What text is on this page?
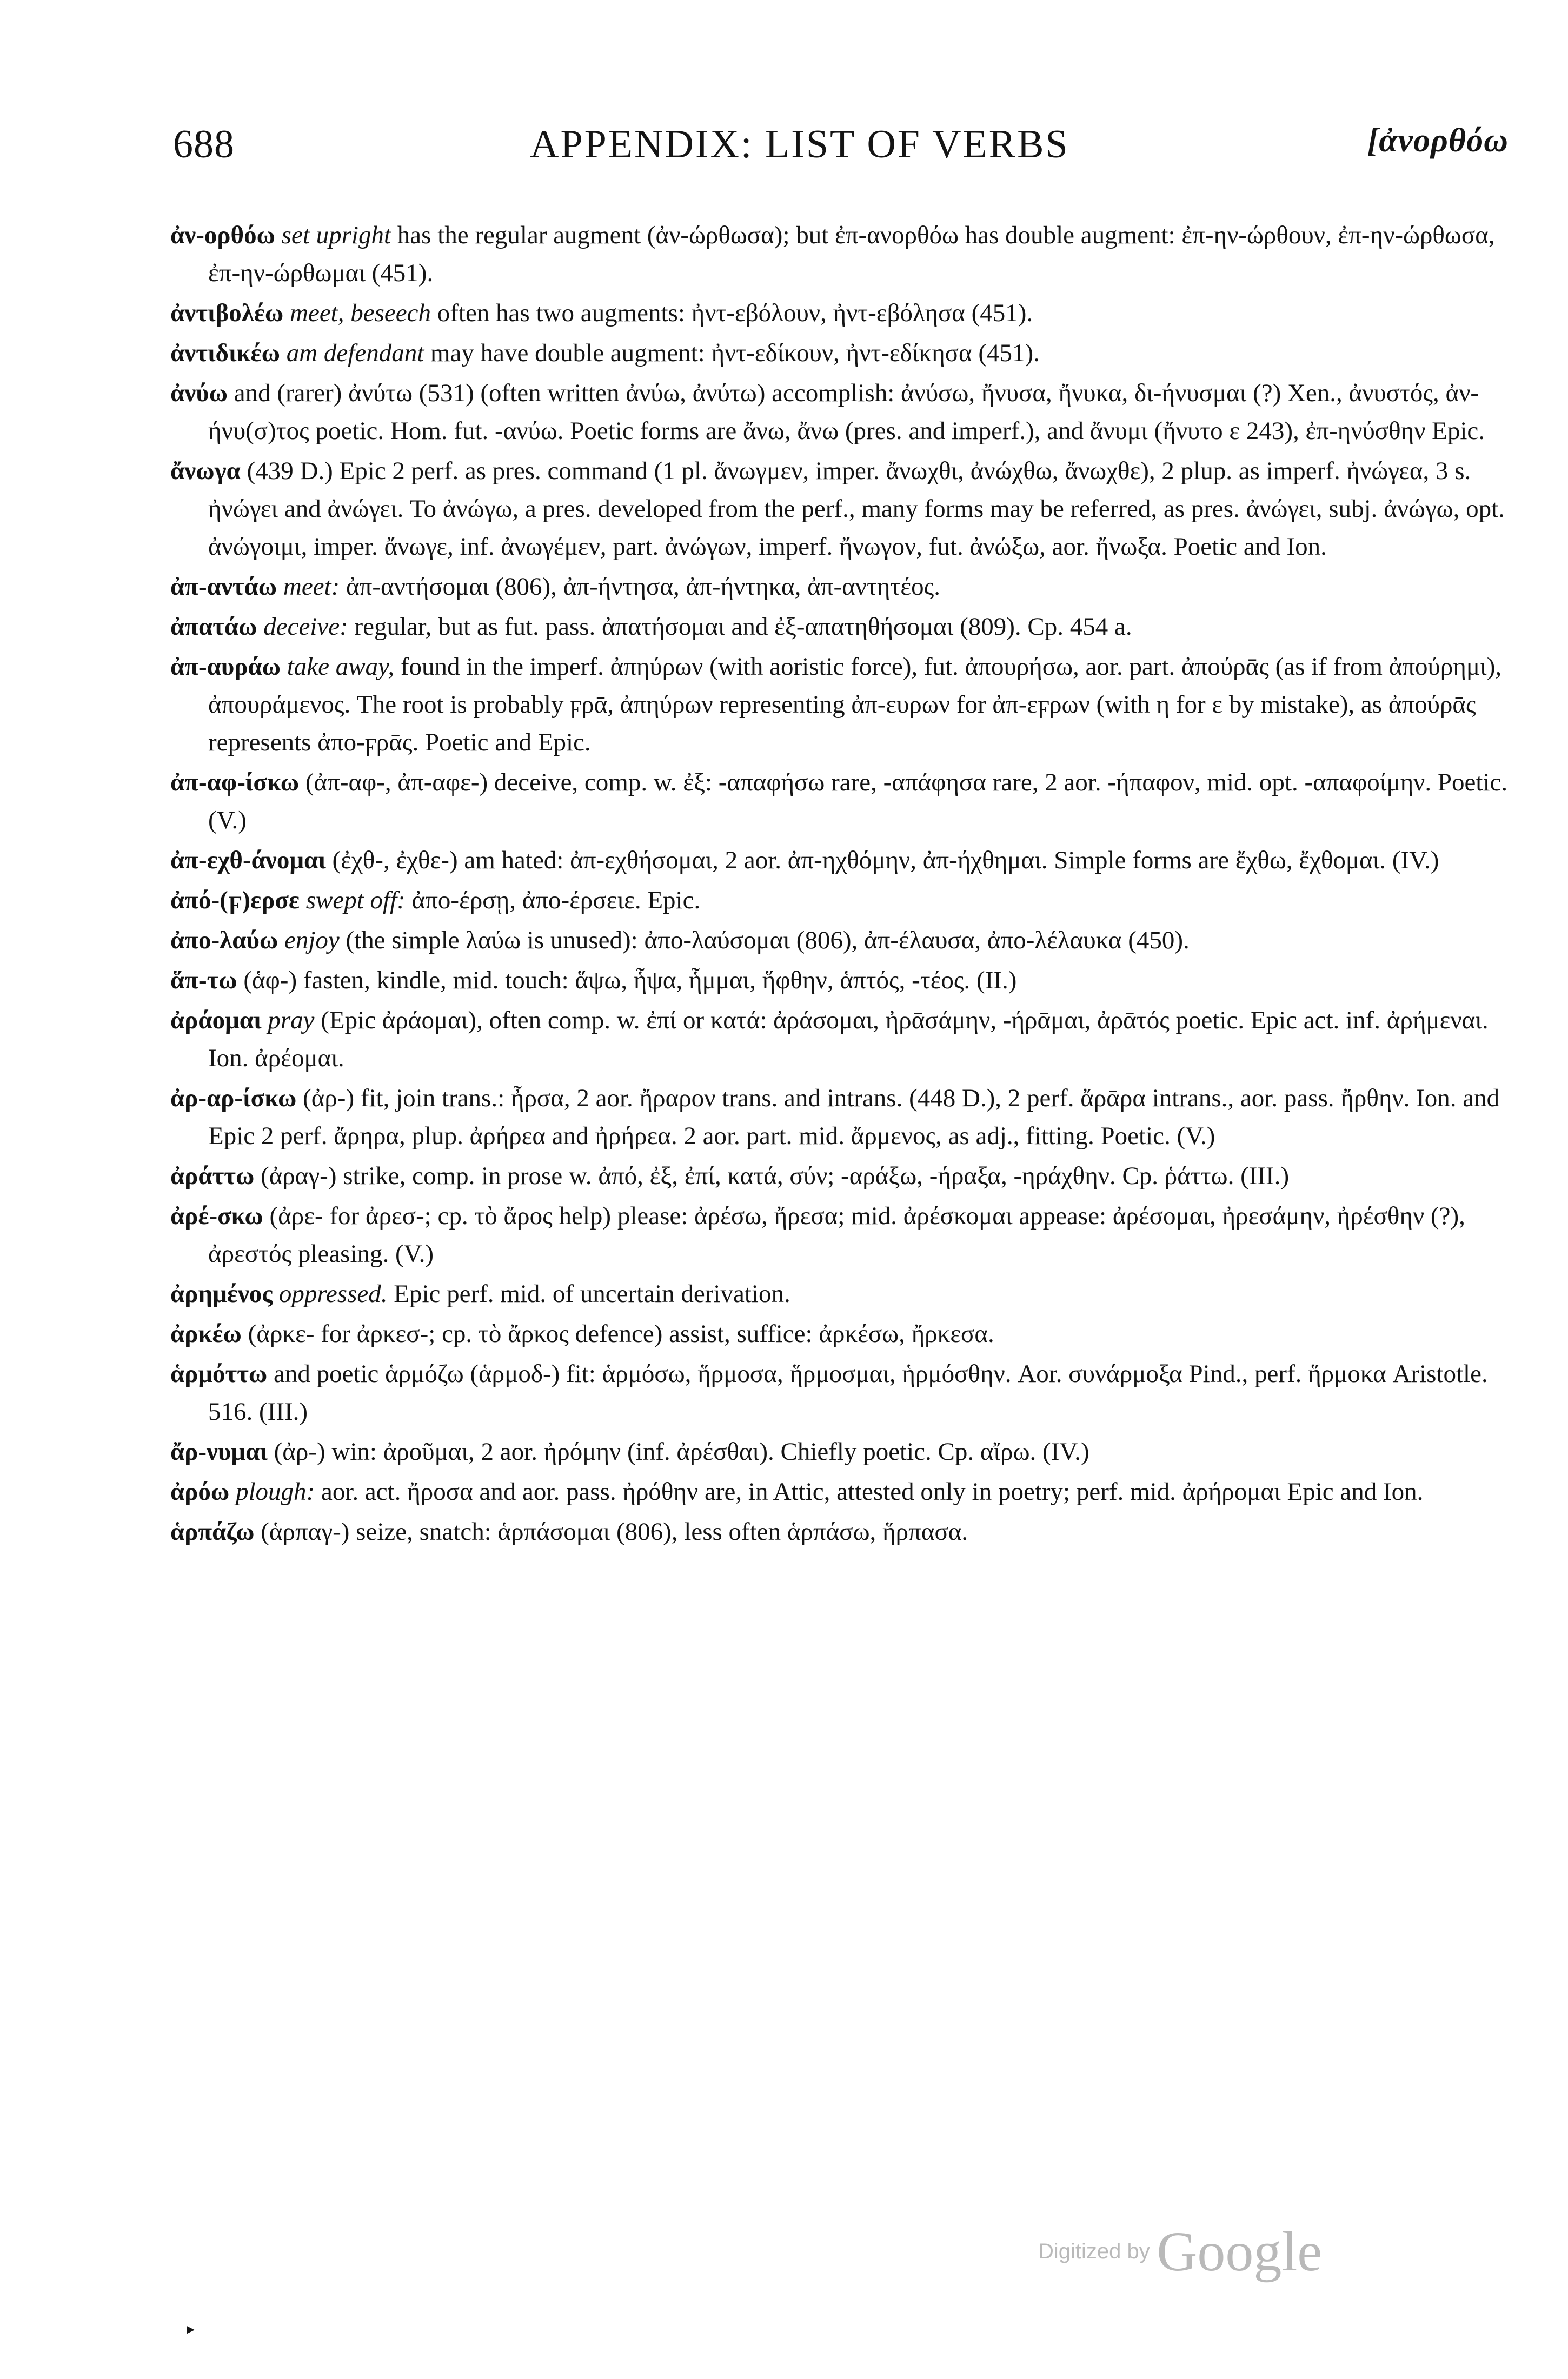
688	APPENDIX: LIST OF VERBS	[ἀνορθόω

ἀν-ορθόω set upright has the regular augment (ἀν-ώρθωσα); but ἐπ-ανορθόω has double augment: ἐπ-ην-ώρθουν, ἐπ-ην-ώρθωσα, ἐπ-ην-ώρθωμαι (451).

ἀντιβολέω meet, beseech often has two augments: ἠντ-εβόλουν, ἠντ-εβόλησα (451).

ἀντιδικέω am defendant may have double augment: ἠντ-εδίκουν, ἠντ-εδίκησα (451).

ἀνύω and (rarer) ἀνύτω (531) (often written ἀνύω, ἀνύτω) accomplish: ἀνύσω, ἤνυσα, ἤνυκα, δι-ήνυσμαι (?) Xen., ἀνυστός, ἀν-ήνυ(σ)τος poetic. Hom. fut. -ανύω. Poetic forms are ἄνω, ἄνω (pres. and imperf.), and ἄνυμι (ἤνυτο ε 243), ἐπ-ηνύσθην Epic.

ἄνωγα (439 D.) Epic 2 perf. as pres. command (1 pl. ἄνωγμεν, imper. ἄνωχθι, ἀνώχθω, ἄνωχθε), 2 plup. as imperf. ἠνώγεα, 3 s. ἠνώγει and ἀνώγει. To ἀνώγω, a pres. developed from the perf., many forms may be referred, as pres. ἀνώγει, subj. ἀνώγω, opt. ἀνώγοιμι, imper. ἄνωγε, inf. ἀνωγέμεν, part. ἀνώγων, imperf. ἤνωγον, fut. ἀνώξω, aor. ἤνωξα. Poetic and Ion.

ἀπ-αντάω meet: ἀπ-αντήσομαι (806), ἀπ-ήντησα, ἀπ-ήντηκα, ἀπ-αντητέος.

ἀπατάω deceive: regular, but as fut. pass. ἀπατήσομαι and ἐξ-απατηθήσομαι (809). Cp. 454 a.

ἀπ-αυράω take away, found in the imperf. ἀπηύρων (with aoristic force), fut. ἀπουρήσω, aor. part. ἀπούρᾱς (as if from ἀπούρημι), ἀπουράμενος. The root is probably ϝρᾱ, ἀπηύρων representing ἀπ-ευρων for ἀπ-εϝρων (with η for ε by mistake), as ἀπούρᾱς represents ἀπο-ϝρᾱς. Poetic and Epic.

ἀπ-αφ-ίσκω (ἀπ-αφ-, ἀπ-αφε-) deceive, comp. w. ἐξ: -απαφήσω rare, -απάφησα rare, 2 aor. -ήπαφον, mid. opt. -απαφοίμην. Poetic. (V.)

ἀπ-εχθ-άνομαι (ἐχθ-, ἐχθε-) am hated: ἀπ-εχθήσομαι, 2 aor. ἀπ-ηχθόμην, ἀπ-ήχθημαι. Simple forms are ἔχθω, ἔχθομαι. (IV.)

ἀπό-(ϝ)ερσε swept off: ἀπο-έρσῃ, ἀπο-έρσειε. Epic.

ἀπο-λαύω enjoy (the simple λαύω is unused): ἀπο-λαύσομαι (806), ἀπ-έλαυσα, ἀπο-λέλαυκα (450).

ἅπ-τω (ἁφ-) fasten, kindle, mid. touch: ἅψω, ἧψα, ἧμμαι, ἥφθην, ἁπτός, -τέος. (II.)

ἀράομαι pray (Epic ἀράομαι), often comp. w. ἐπί or κατά: ἀράσομαι, ἠρᾱσάμην, -ήρᾱμαι, ἀρᾱτός poetic. Epic act. inf. ἀρήμεναι. Ion. ἀρέομαι.

ἀρ-αρ-ίσκω (ἀρ-) fit, join trans.: ἦρσα, 2 aor. ἤραρον trans. and intrans. (448 D.), 2 perf. ἄρᾱρα intrans., aor. pass. ἤρθην. Ion. and Epic 2 perf. ἄρηρα, plup. ἀρήρεα and ἠρήρεα. 2 aor. part. mid. ἄρμενος, as adj., fitting. Poetic. (V.)

ἀράττω (ἀραγ-) strike, comp. in prose w. ἀπό, ἐξ, ἐπί, κατά, σύν; -αράξω, -ήραξα, -ηράχθην. Cp. ῥάττω. (III.)

ἀρέ-σκω (ἀρε- for ἀρεσ-; cp. τὸ ἄρος help) please: ἀρέσω, ἤρεσα; mid. ἀρέσκομαι appease: ἀρέσομαι, ἠρεσάμην, ἠρέσθην (?), ἀρεστός pleasing. (V.)

ἀρημένος oppressed. Epic perf. mid. of uncertain derivation.

ἀρκέω (ἀρκε- for ἀρκεσ-; cp. τὸ ἄρκος defence) assist, suffice: ἀρκέσω, ἤρκεσα.

ἁρμόττω and poetic ἁρμόζω (ἁρμοδ-) fit: ἁρμόσω, ἥρμοσα, ἥρμοσμαι, ἡρμόσθην. Aor. συνάρμοξα Pind., perf. ἥρμοκα Aristotle. 516. (III.)

ἄρ-νυμαι (ἀρ-) win: ἀροῦμαι, 2 aor. ἠρόμην (inf. ἀρέσθαι). Chiefly poetic. Cp. αἴρω. (IV.)

ἀρόω plough: aor. act. ἤροσα and aor. pass. ἠρόθην are, in Attic, attested only in poetry; perf. mid. ἀρήρομαι Epic and Ion.

ἁρπάζω (ἁρπαγ-) seize, snatch: ἁρπάσομαι (806), less often ἁρπάσω, ἥρπασα.

Digitized by Google
▸
